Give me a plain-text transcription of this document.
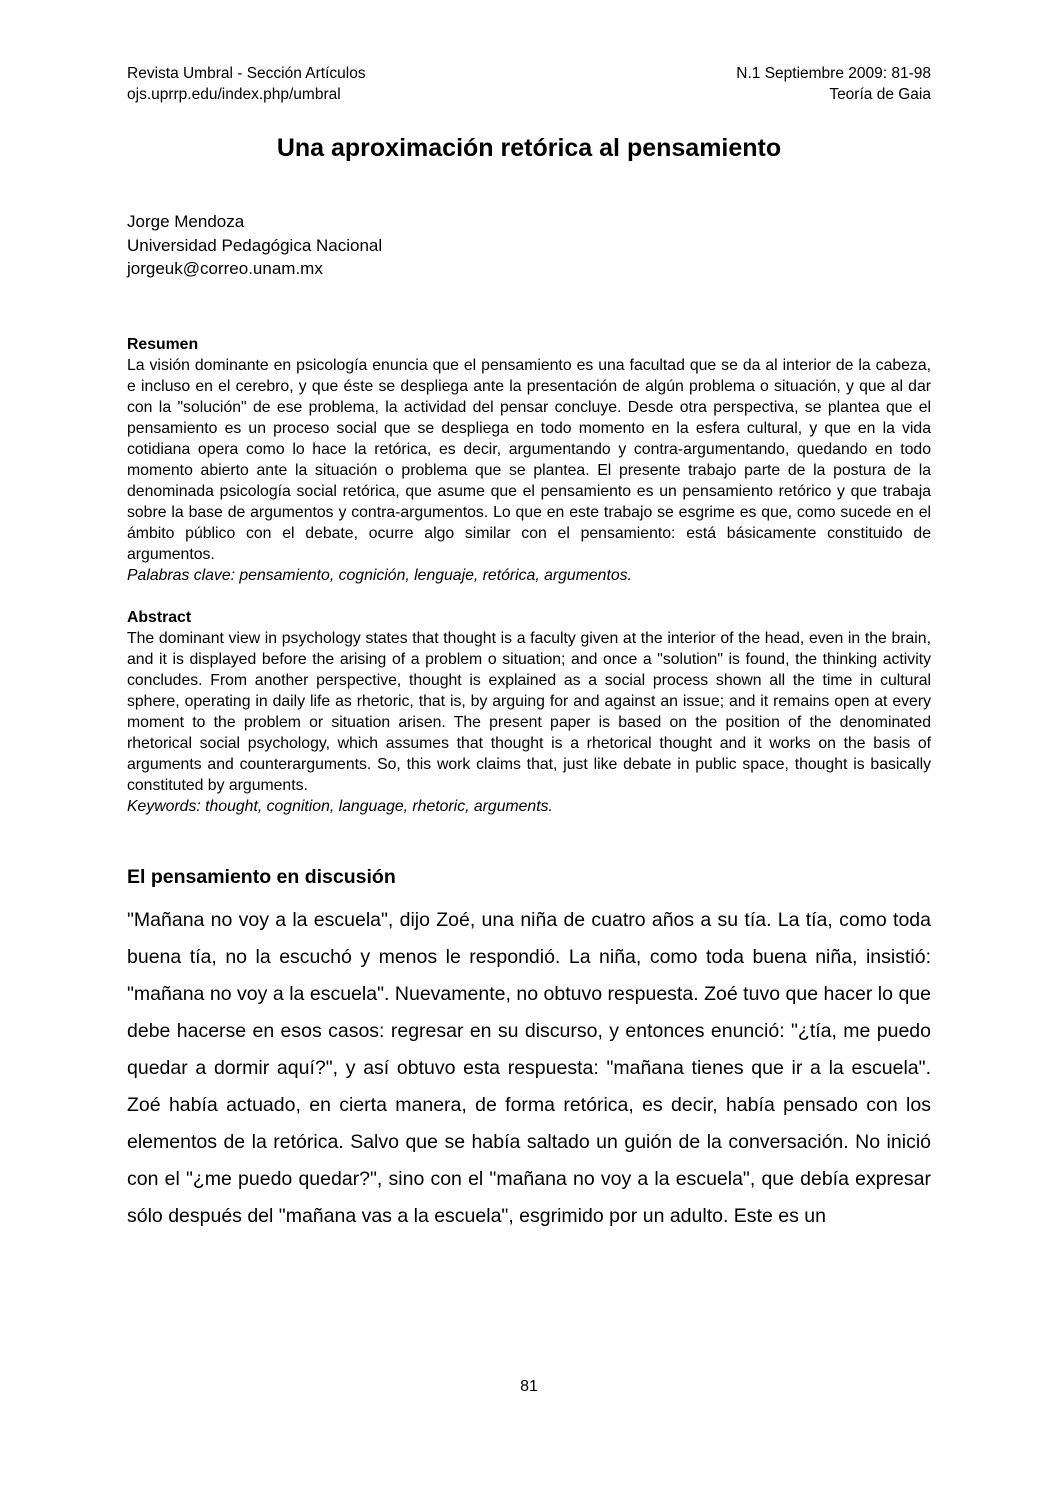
Revista Umbral - Sección Artículos
ojs.uprrp.edu/index.php/umbral
N.1 Septiembre 2009: 81-98
Teoría de Gaia
Una aproximación retórica al pensamiento
Jorge Mendoza
Universidad Pedagógica Nacional
jorgeuk@correo.unam.mx
Resumen

La visión dominante en psicología enuncia que el pensamiento es una facultad que se da al interior de la cabeza, e incluso en el cerebro, y que éste se despliega ante la presentación de algún problema o situación, y que al dar con la "solución" de ese problema, la actividad del pensar concluye. Desde otra perspectiva, se plantea que el pensamiento es un proceso social que se despliega en todo momento en la esfera cultural, y que en la vida cotidiana opera como lo hace la retórica, es decir, argumentando y contra-argumentando, quedando en todo momento abierto ante la situación o problema que se plantea. El presente trabajo parte de la postura de la denominada psicología social retórica, que asume que el pensamiento es un pensamiento retórico y que trabaja sobre la base de argumentos y contra-argumentos. Lo que en este trabajo se esgrime es que, como sucede en el ámbito público con el debate, ocurre algo similar con el pensamiento: está básicamente constituido de argumentos.

Palabras clave: pensamiento, cognición, lenguaje, retórica, argumentos.

Abstract

The dominant view in psychology states that thought is a faculty given at the interior of the head, even in the brain, and it is displayed before the arising of a problem o situation; and once a "solution" is found, the thinking activity concludes. From another perspective, thought is explained as a social process shown all the time in cultural sphere, operating in daily life as rhetoric, that is, by arguing for and against an issue; and it remains open at every moment to the problem or situation arisen. The present paper is based on the position of the denominated rhetorical social psychology, which assumes that thought is a rhetorical thought and it works on the basis of arguments and counterarguments. So, this work claims that, just like debate in public space, thought is basically constituted by arguments.

Keywords: thought, cognition, language, rhetoric, arguments.

El pensamiento en discusión

"Mañana no voy a la escuela", dijo Zoé, una niña de cuatro años a su tía. La tía, como toda buena tía, no la escuchó y menos le respondió. La niña, como toda buena niña, insistió: "mañana no voy a la escuela". Nuevamente, no obtuvo respuesta. Zoé tuvo que hacer lo que debe hacerse en esos casos: regresar en su discurso, y entonces enunció: "¿tía, me puedo quedar a dormir aquí?", y así obtuvo esta respuesta: "mañana tienes que ir a la escuela". Zoé había actuado, en cierta manera, de forma retórica, es decir, había pensado con los elementos de la retórica. Salvo que se había saltado un guión de la conversación. No inició con el "¿me puedo quedar?", sino con el "mañana no voy a la escuela", que debía expresar sólo después del "mañana vas a la escuela", esgrimido por un adulto. Este es un

81
